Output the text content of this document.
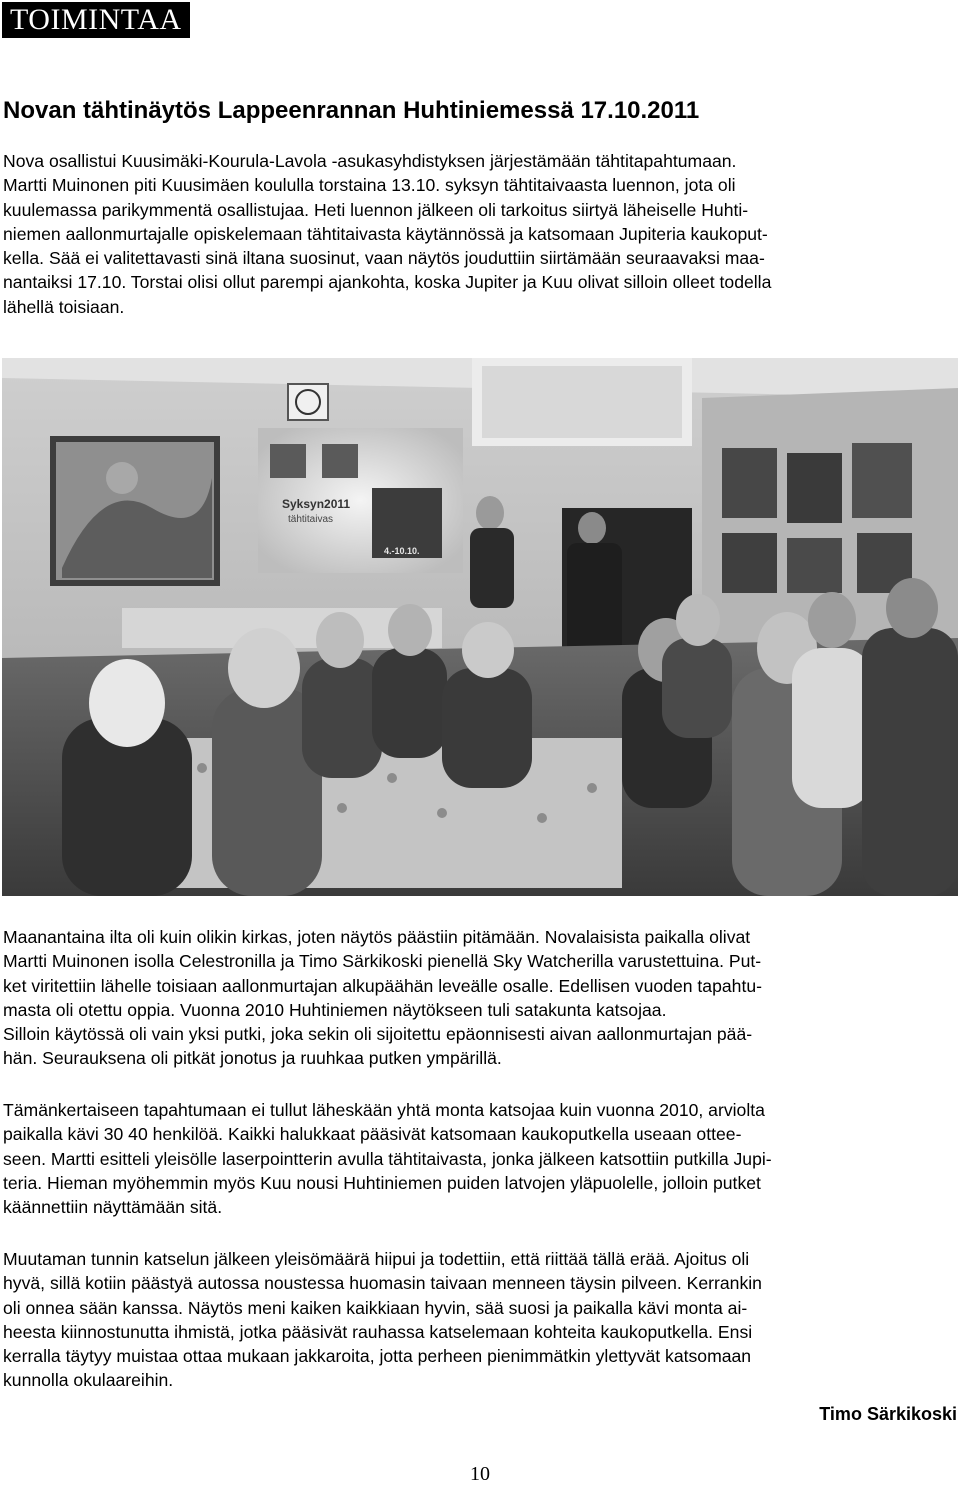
TOIMINTAA
Novan tähtinäytös Lappeenrannan Huhtiniemessä 17.10.2011
Nova osallistui Kuusimäki-Kourula-Lavola -asukasyhdistyksen järjestämään tähtitapahtumaan.
Martti Muinonen piti Kuusimäen koululla torstaina 13.10. syksyn tähtitaivaasta luennon, jota oli
kuulemassa parikymmentä osallistujaa. Heti luennon jälkeen oli tarkoitus siirtyä läheiselle Huhti-
niemen aallonmurtajalle opiskelemaan tähtitaivasta käytännössä ja katsomaan Jupiteria kaukoput-
kella. Sää ei valitettavasti sinä iltana suosinut, vaan näytös jouduttiin siirtämään seuraavaksi maa-
nantaiksi 17.10. Torstai olisi ollut parempi ajankohta, koska Jupiter ja Kuu olivat silloin olleet todella
lähellä toisiaan.
Syksyn2011
tähtitaivas
4.-10.10.
Maanantaina ilta oli kuin olikin kirkas, joten näytös päästiin pitämään. Novalaisista paikalla olivat
Martti Muinonen isolla Celestronilla ja Timo Särkikoski pienellä Sky Watcherilla varustettuina. Put-
ket viritettiin lähelle toisiaan aallonmurtajan alkupäähän leveälle osalle. Edellisen vuoden tapahtu-
masta oli otettu oppia. Vuonna 2010 Huhtiniemen näytökseen tuli satakunta katsojaa.
Silloin käytössä oli vain yksi putki, joka sekin oli sijoitettu epäonnisesti aivan aallonmurtajan pää-
hän. Seurauksena oli pitkät jonotus ja ruuhkaa putken ympärillä.
Tämänkertaiseen tapahtumaan ei tullut läheskään yhtä monta katsojaa kuin vuonna 2010, arviolta
paikalla kävi 30 40 henkilöä. Kaikki halukkaat pääsivät katsomaan kaukoputkella useaan ottee-
seen. Martti esitteli yleisölle laserpointterin avulla tähtitaivasta, jonka jälkeen katsottiin putkilla Jupi-
teria. Hieman myöhemmin myös Kuu nousi Huhtiniemen puiden latvojen yläpuolelle, jolloin putket
käännettiin näyttämään sitä.
Muutaman tunnin katselun jälkeen yleisömäärä hiipui ja todettiin, että riittää tällä erää. Ajoitus oli
hyvä, sillä kotiin päästyä autossa noustessa huomasin taivaan menneen täysin pilveen. Kerrankin
oli onnea sään kanssa. Näytös meni kaiken kaikkiaan hyvin, sää suosi ja paikalla kävi monta ai-
heesta kiinnostunutta ihmistä, jotka pääsivät rauhassa katselemaan kohteita kaukoputkella. Ensi
kerralla täytyy muistaa ottaa mukaan jakkaroita, jotta perheen pienimmätkin ylettyvät katsomaan
kunnolla okulaareihin.
Timo Särkikoski
10
